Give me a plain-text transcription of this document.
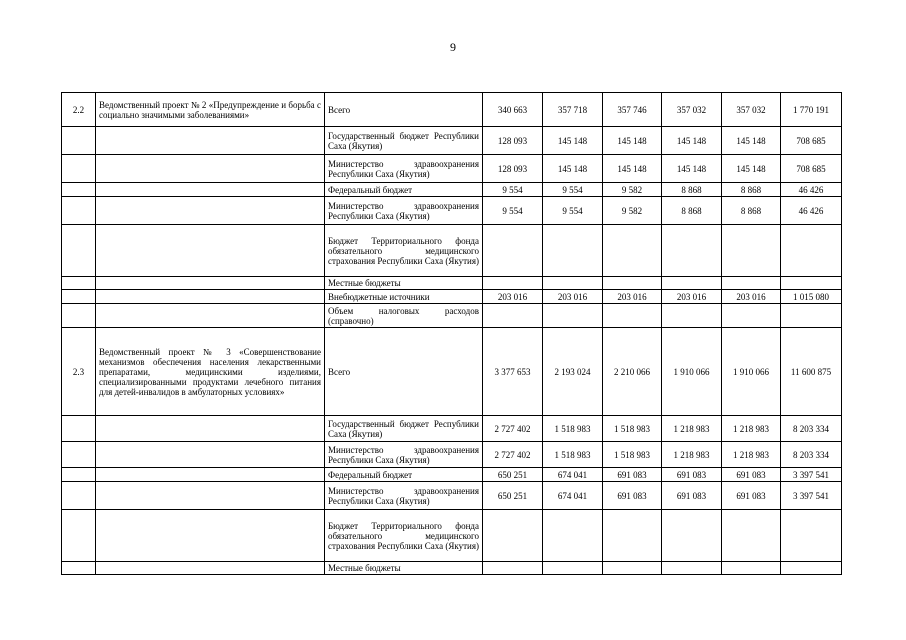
9
2.2	Ведомственный проект № 2 «Предупреждение и борьба с социально значимыми заболеваниями»	Всего	340 663	357 718	357 746	357 032	357 032	1 770 191
		Государственный бюджет Республики Саха (Якутия)	128 093	145 148	145 148	145 148	145 148	708 685
		Министерство здравоохранения Республики Саха (Якутия)	128 093	145 148	145 148	145 148	145 148	708 685
		Федеральный бюджет	9 554	9 554	9 582	8 868	8 868	46 426
		Министерство здравоохранения Республики Саха (Якутия)	9 554	9 554	9 582	8 868	8 868	46 426
		Бюджет Территориального фонда обязательного медицинского страхования Республики Саха (Якутия)						
		Местные бюджеты						
		Внебюджетные источники	203 016	203 016	203 016	203 016	203 016	1 015 080
		Объем налоговых расходов (справочно)						
2.3	Ведомственный проект № 3 «Совершенствование механизмов обеспечения населения лекарственными препаратами, медицинскими изделиями, специализированными продуктами лечебного питания для детей-инвалидов в амбулаторных условиях»	Всего	3 377 653	2 193 024	2 210 066	1 910 066	1 910 066	11 600 875
		Государственный бюджет Республики Саха (Якутия)	2 727 402	1 518 983	1 518 983	1 218 983	1 218 983	8 203 334
		Министерство здравоохранения Республики Саха (Якутия)	2 727 402	1 518 983	1 518 983	1 218 983	1 218 983	8 203 334
		Федеральный бюджет	650 251	674 041	691 083	691 083	691 083	3 397 541
		Министерство здравоохранения Республики Саха (Якутия)	650 251	674 041	691 083	691 083	691 083	3 397 541
		Бюджет Территориального фонда обязательного медицинского страхования Республики Саха (Якутия)						
		Местные бюджеты						
